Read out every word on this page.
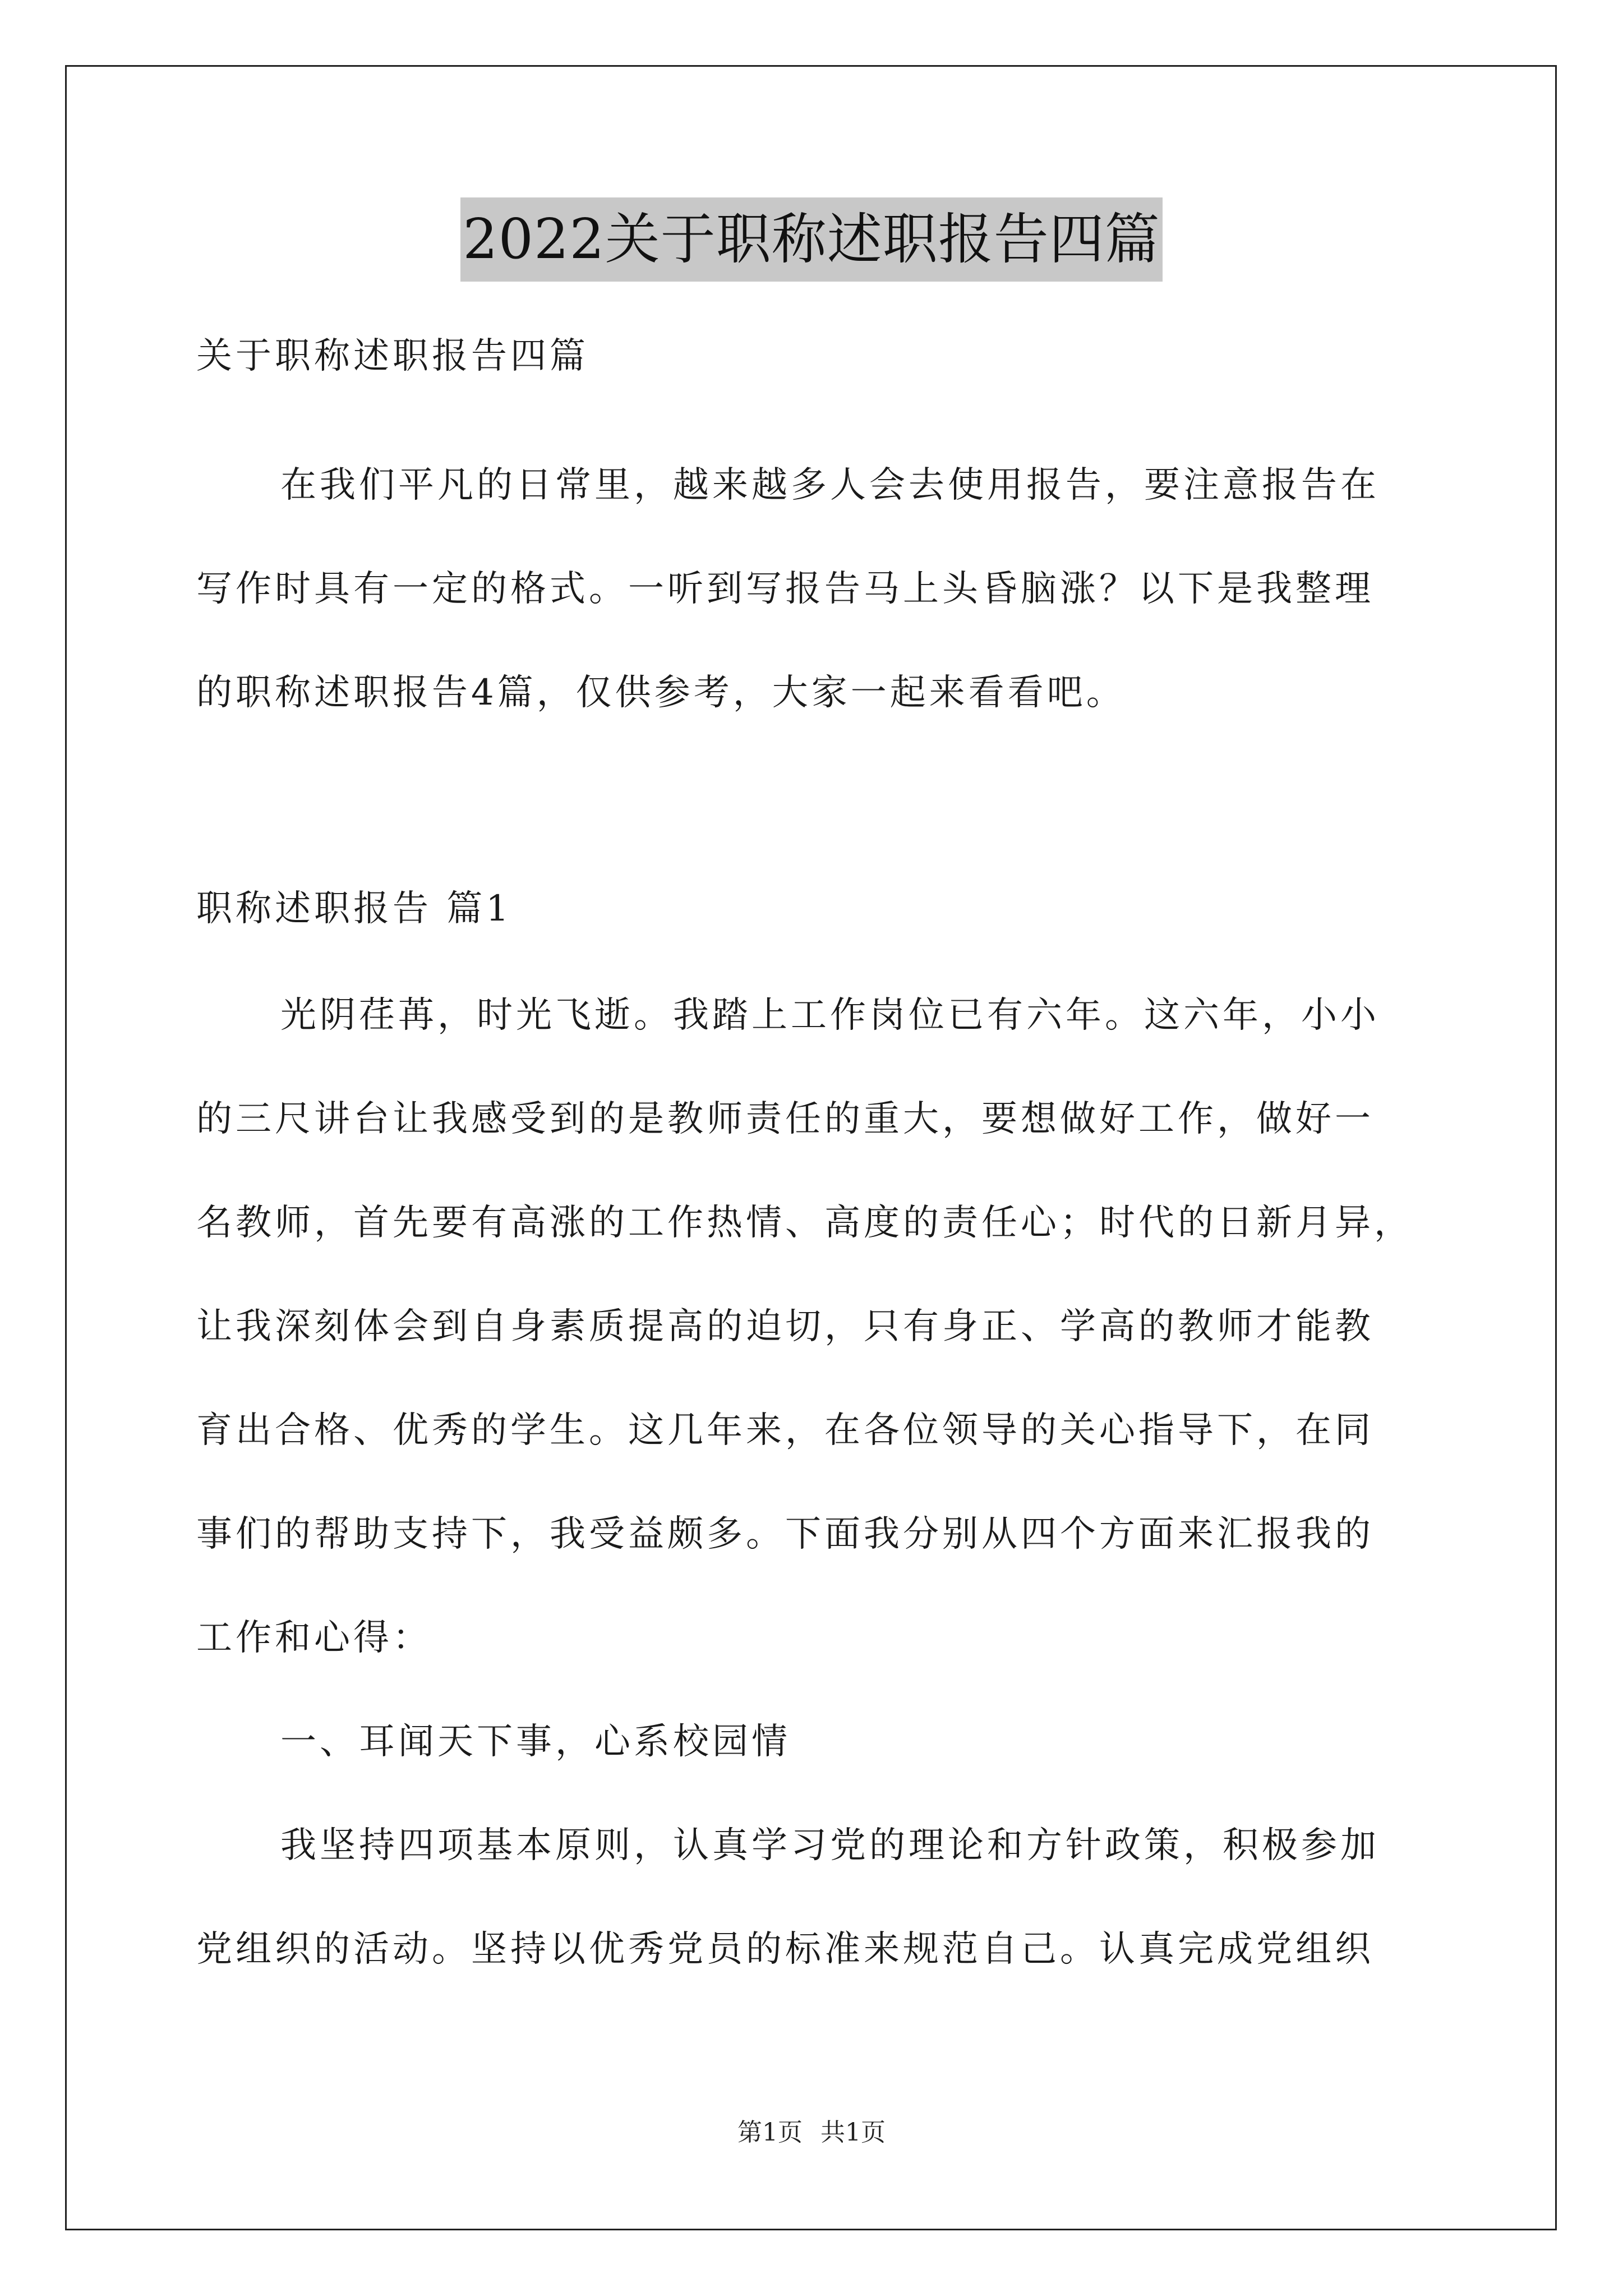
2022关于职称述职报告四篇
关于职称述职报告四篇
在我们平凡的日常里，越来越多人会去使用报告，要注意报告在
写作时具有一定的格式。一听到写报告马上头昏脑涨？以下是我整理
的职称述职报告4篇，仅供参考，大家一起来看看吧。
职称述职报告 篇1
光阴荏苒，时光飞逝。我踏上工作岗位已有六年。这六年，小小
的三尺讲台让我感受到的是教师责任的重大，要想做好工作，做好一
名教师，首先要有高涨的工作热情、高度的责任心；时代的日新月异，
让我深刻体会到自身素质提高的迫切，只有身正、学高的教师才能教
育出合格、优秀的学生。这几年来，在各位领导的关心指导下，在同
事们的帮助支持下，我受益颇多。下面我分别从四个方面来汇报我的
工作和心得：
一、耳闻天下事，心系校园情
我坚持四项基本原则，认真学习党的理论和方针政策，积极参加
党组织的活动。坚持以优秀党员的标准来规范自己。认真完成党组织
第1页 共1页
